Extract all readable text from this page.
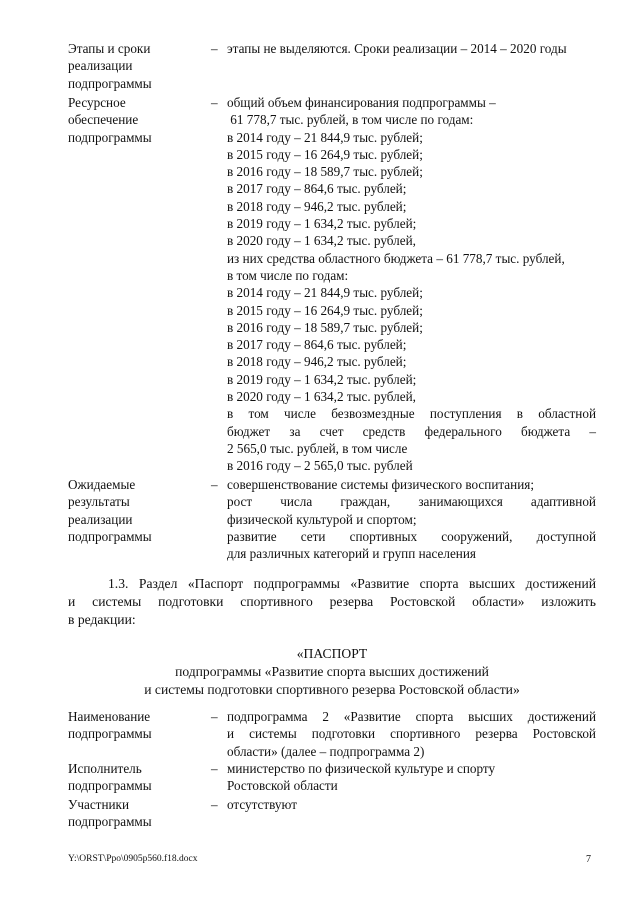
Этапы и сроки
реализации
подпрограммы
– этапы не выделяются. Сроки реализации – 2014 – 2020 годы
Ресурсное
обеспечение
подпрограммы
– общий объем финансирования подпрограммы –
61 778,7 тыс. рублей, в том числе по годам:
в 2014 году – 21 844,9 тыс. рублей;
в 2015 году – 16 264,9 тыс. рублей;
в 2016 году – 18 589,7 тыс. рублей;
в 2017 году – 864,6 тыс. рублей;
в 2018 году – 946,2 тыс. рублей;
в 2019 году – 1 634,2 тыс. рублей;
в 2020 году – 1 634,2 тыс. рублей,
из них средства областного бюджета – 61 778,7 тыс. рублей,
в том числе по годам:
в 2014 году – 21 844,9 тыс. рублей;
в 2015 году – 16 264,9 тыс. рублей;
в 2016 году – 18 589,7 тыс. рублей;
в 2017 году – 864,6 тыс. рублей;
в 2018 году – 946,2 тыс. рублей;
в 2019 году – 1 634,2 тыс. рублей;
в 2020 году – 1 634,2 тыс. рублей,
в том числе безвозмездные поступления в областной
бюджет за счет средств федерального бюджета –
2 565,0 тыс. рублей, в том числе
в 2016 году – 2 565,0 тыс. рублей
Ожидаемые
результаты
реализации
подпрограммы
– совершенствование системы физического воспитания;
рост числа граждан, занимающихся адаптивной
физической культурой и спортом;
развитие сети спортивных сооружений, доступной
для различных категорий и групп населения
1.3. Раздел «Паспорт подпрограммы «Развитие спорта высших достижений
и системы подготовки спортивного резерва Ростовской области» изложить
в редакции:
«ПАСПОРТ
подпрограммы «Развитие спорта высших достижений
и системы подготовки спортивного резерва Ростовской области»
Наименование
подпрограммы
– подпрограмма 2 «Развитие спорта высших достижений
и системы подготовки спортивного резерва Ростовской
области» (далее – подпрограмма 2)
Исполнитель
подпрограммы
– министерство по физической культуре и спорту
Ростовской области
Участники
подпрограммы
– отсутствуют
Y:\ORST\Ppo\0905p560.f18.docx	7
